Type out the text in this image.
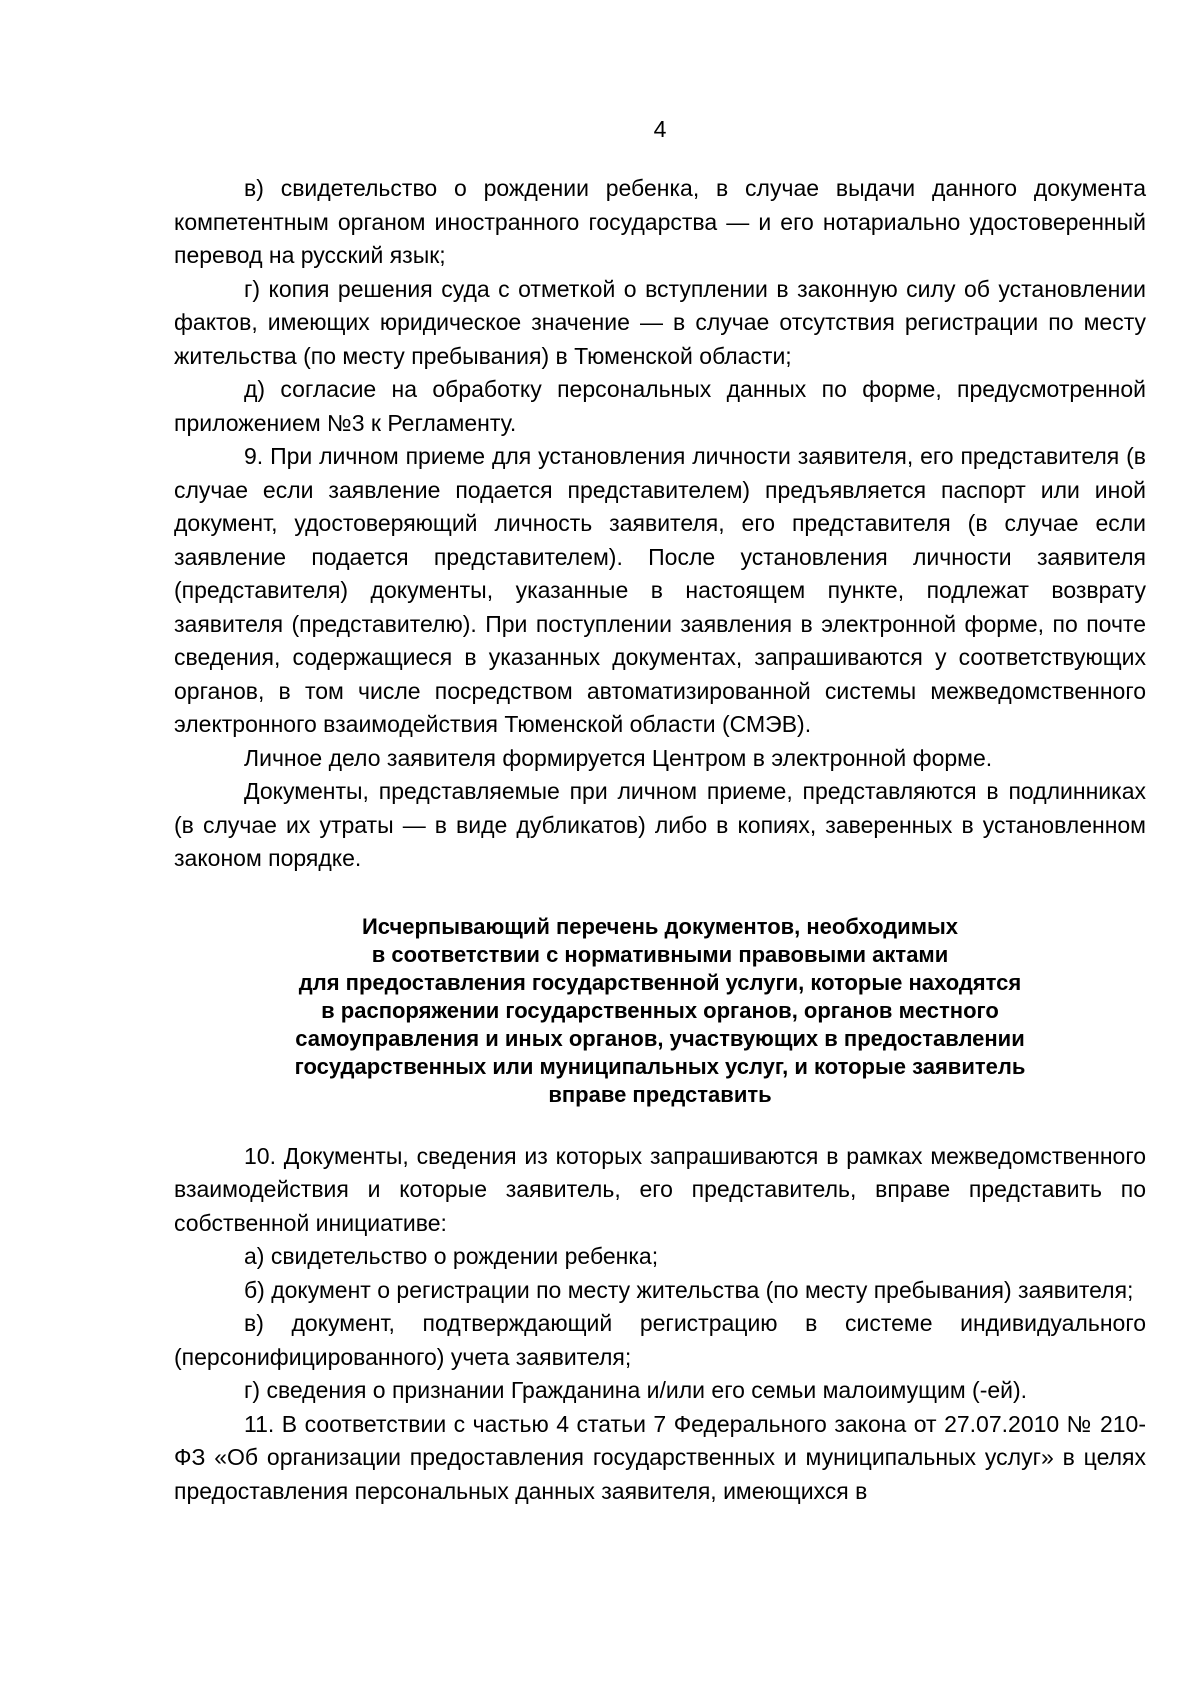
4

в) свидетельство о рождении ребенка, в случае выдачи данного документа компетентным органом иностранного государства — и его нотариально удостоверенный перевод на русский язык;

г) копия решения суда с отметкой о вступлении в законную силу об установлении фактов, имеющих юридическое значение — в случае отсутствия регистрации по месту жительства (по месту пребывания) в Тюменской области;

д) согласие на обработку персональных данных по форме, предусмотренной приложением №3 к Регламенту.

9. При личном приеме для установления личности заявителя, его представителя (в случае если заявление подается представителем) предъявляется паспорт или иной документ, удостоверяющий личность заявителя, его представителя (в случае если заявление подается представителем). После установления личности заявителя (представителя) документы, указанные в настоящем пункте, подлежат возврату заявителя (представителю). При поступлении заявления в электронной форме, по почте сведения, содержащиеся в указанных документах, запрашиваются у соответствующих органов, в том числе посредством автоматизированной системы межведомственного электронного взаимодействия Тюменской области (СМЭВ).

Личное дело заявителя формируется Центром в электронной форме.

Документы, представляемые при личном приеме, представляются в подлинниках (в случае их утраты — в виде дубликатов) либо в копиях, заверенных в установленном законом порядке.

Исчерпывающий перечень документов, необходимых
в соответствии с нормативными правовыми актами
для предоставления государственной услуги, которые находятся
в распоряжении государственных органов, органов местного
самоуправления и иных органов, участвующих в предоставлении
государственных или муниципальных услуг, и которые заявитель
вправе представить

10. Документы, сведения из которых запрашиваются в рамках межведомственного взаимодействия и которые заявитель, его представитель, вправе представить по собственной инициативе:

а) свидетельство о рождении ребенка;

б) документ о регистрации по месту жительства (по месту пребывания) заявителя;

в) документ, подтверждающий регистрацию в системе индивидуального (персонифицированного) учета заявителя;

г) сведения о признании Гражданина и/или его семьи малоимущим (-ей).

11. В соответствии с частью 4 статьи 7 Федерального закона от 27.07.2010 № 210-ФЗ «Об организации предоставления государственных и муниципальных услуг» в целях предоставления персональных данных заявителя, имеющихся в
